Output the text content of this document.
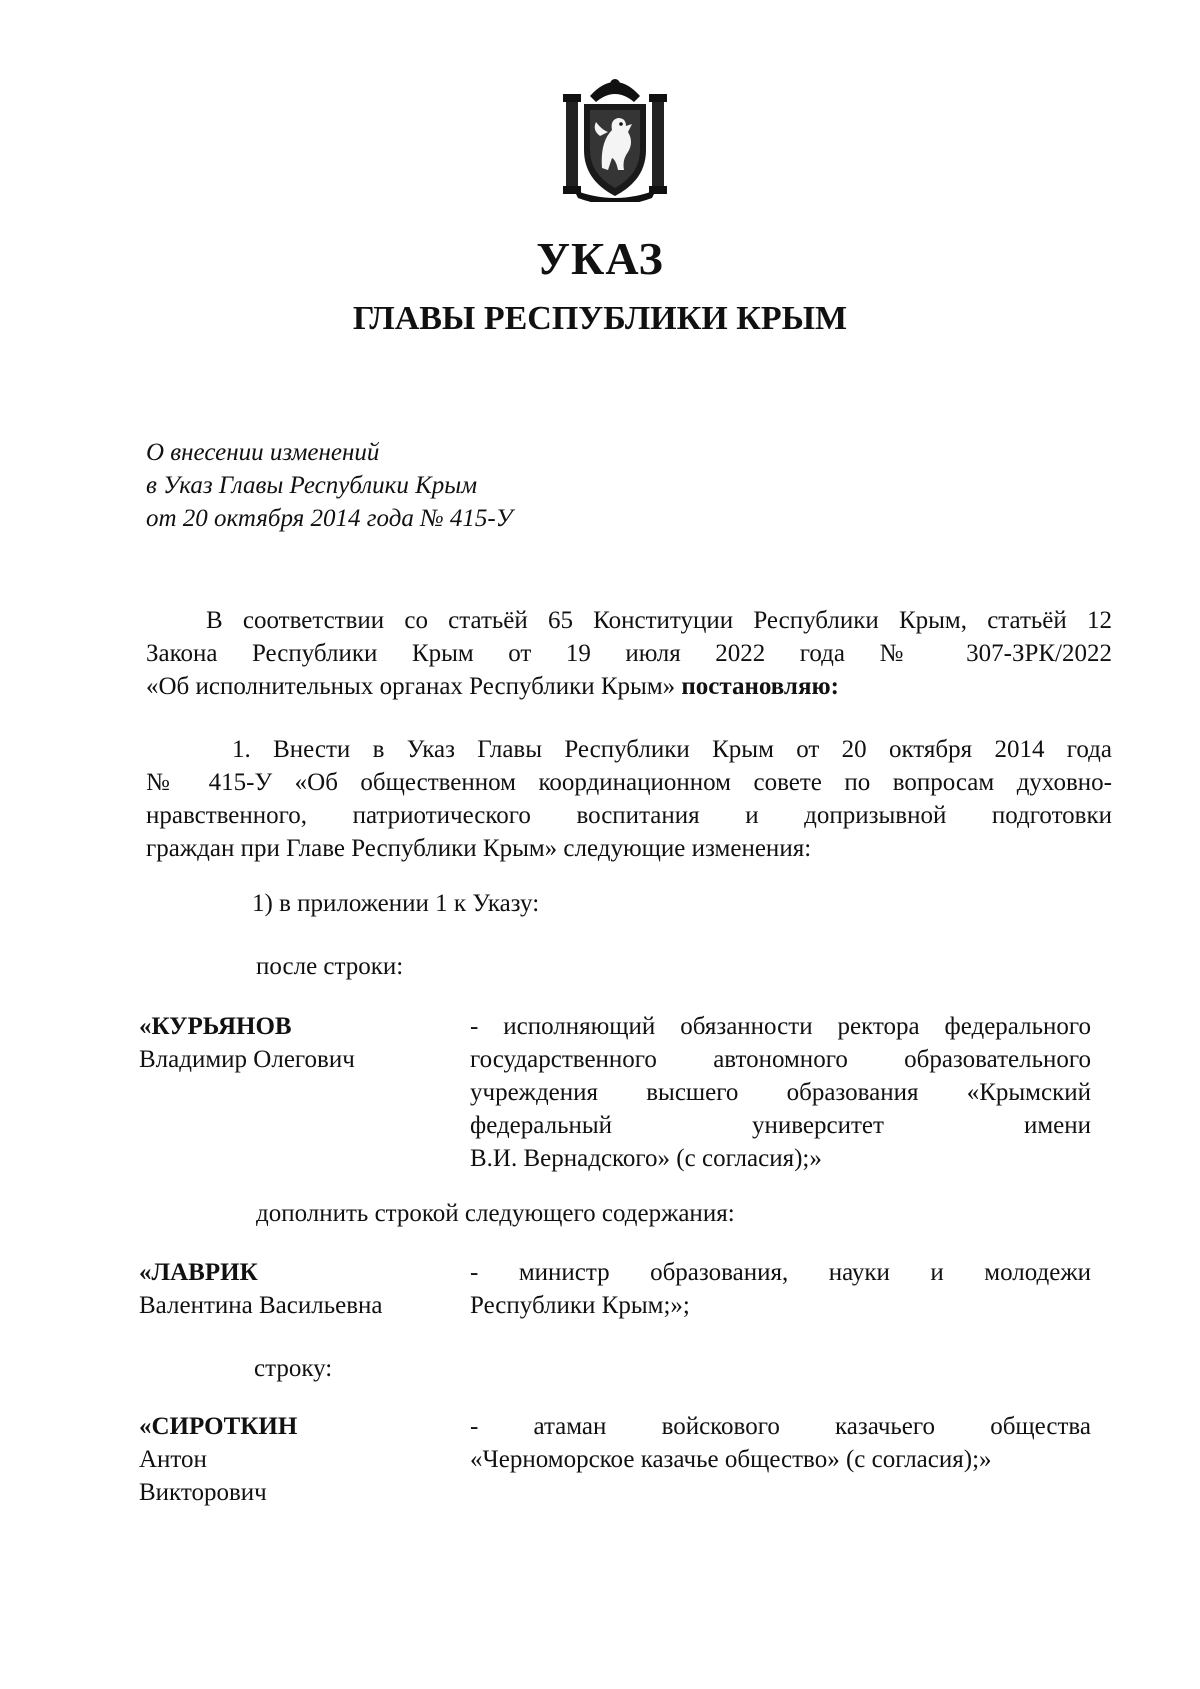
УКАЗ
ГЛАВЫ РЕСПУБЛИКИ КРЫМ
О внесении изменений
в Указ Главы Республики Крым
от 20 октября 2014 года № 415-У
В соответствии со статьёй 65 Конституции Республики Крым, статьёй 12
Закона Республики Крым от 19 июля 2022 года № 307-ЗРК/2022
«Об исполнительных органах Республики Крым» постановляю:
1. Внести в Указ Главы Республики Крым от 20 октября 2014 года
№ 415-У «Об общественном координационном совете по вопросам духовно-
нравственного, патриотического воспитания и допризывной подготовки
граждан при Главе Республики Крым» следующие изменения:
1) в приложении 1 к Указу:
после строки:
«КУРЬЯНОВ
Владимир Олегович
- исполняющий обязанности ректора федерального
государственного автономного образовательного
учреждения высшего образования «Крымский
федеральный университет имени
В.И. Вернадского» (с согласия);»
дополнить строкой следующего содержания:
«ЛАВРИК
Валентина Васильевна
- министр образования, науки и молодежи
Республики Крым;»;
строку:
«СИРОТКИН
Антон
Викторович
- атаман войскового казачьего общества
«Черноморское казачье общество» (с согласия);»
